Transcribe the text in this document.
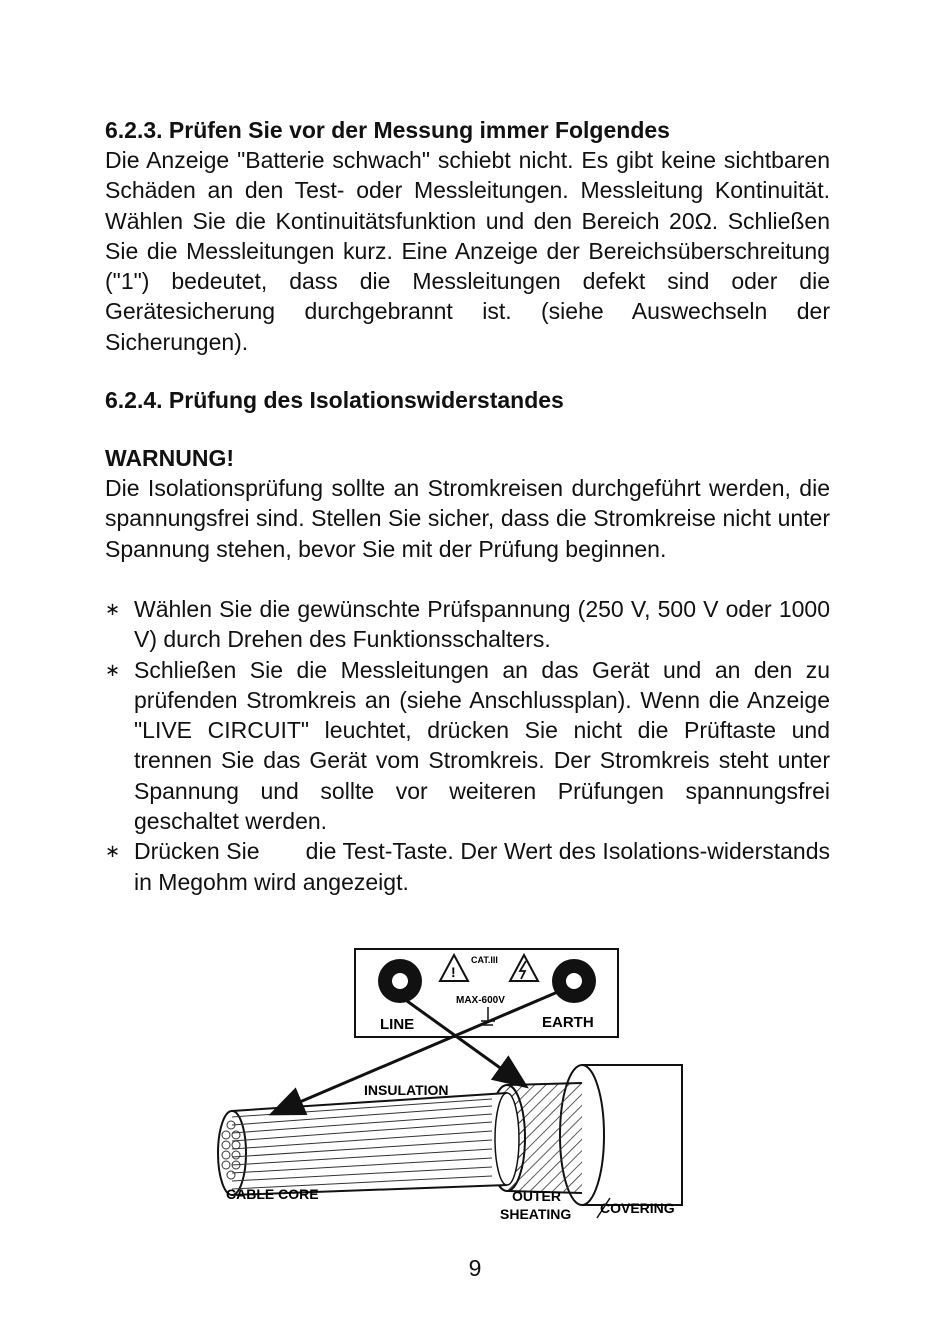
6.2.3. Prüfen Sie vor der Messung immer Folgendes

Die Anzeige "Batterie schwach" schiebt nicht. Es gibt keine sichtbaren Schäden an den Test- oder Messleitungen. Messleitung Kontinuität. Wählen Sie die Kontinuitätsfunktion und den Bereich 20Ω. Schließen Sie die Messleitungen kurz. Eine Anzeige der Bereichsüberschreitung ("1") bedeutet, dass die Messleitungen defekt sind oder die Gerätesicherung durchgebrannt ist. (siehe Auswechseln der Sicherungen).

6.2.4. Prüfung des Isolationswiderstandes

WARNUNG!

Die Isolationsprüfung sollte an Stromkreisen durchgeführt werden, die spannungsfrei sind. Stellen Sie sicher, dass die Stromkreise nicht unter Spannung stehen, bevor Sie mit der Prüfung beginnen.

∗ Wählen Sie die gewünschte Prüfspannung (250 V, 500 V oder 1000 V) durch Drehen des Funktionsschalters.
∗ Schließen Sie die Messleitungen an das Gerät und an den zu prüfenden Stromkreis an (siehe Anschlussplan). Wenn die Anzeige "LIVE CIRCUIT" leuchtet, drücken Sie nicht die Prüftaste und trennen Sie das Gerät vom Stromkreis. Der Stromkreis steht unter Spannung und sollte vor weiteren Prüfungen spannungsfrei geschaltet werden.
∗ Drücken Sie       die Test-Taste. Der Wert des Isolations-widerstands in Megohm wird angezeigt.
!
CAT.III
MAX-600V
LINE	EARTH
INSULATION
CABLE CORE	OUTER
SHEATING COVERING
9
